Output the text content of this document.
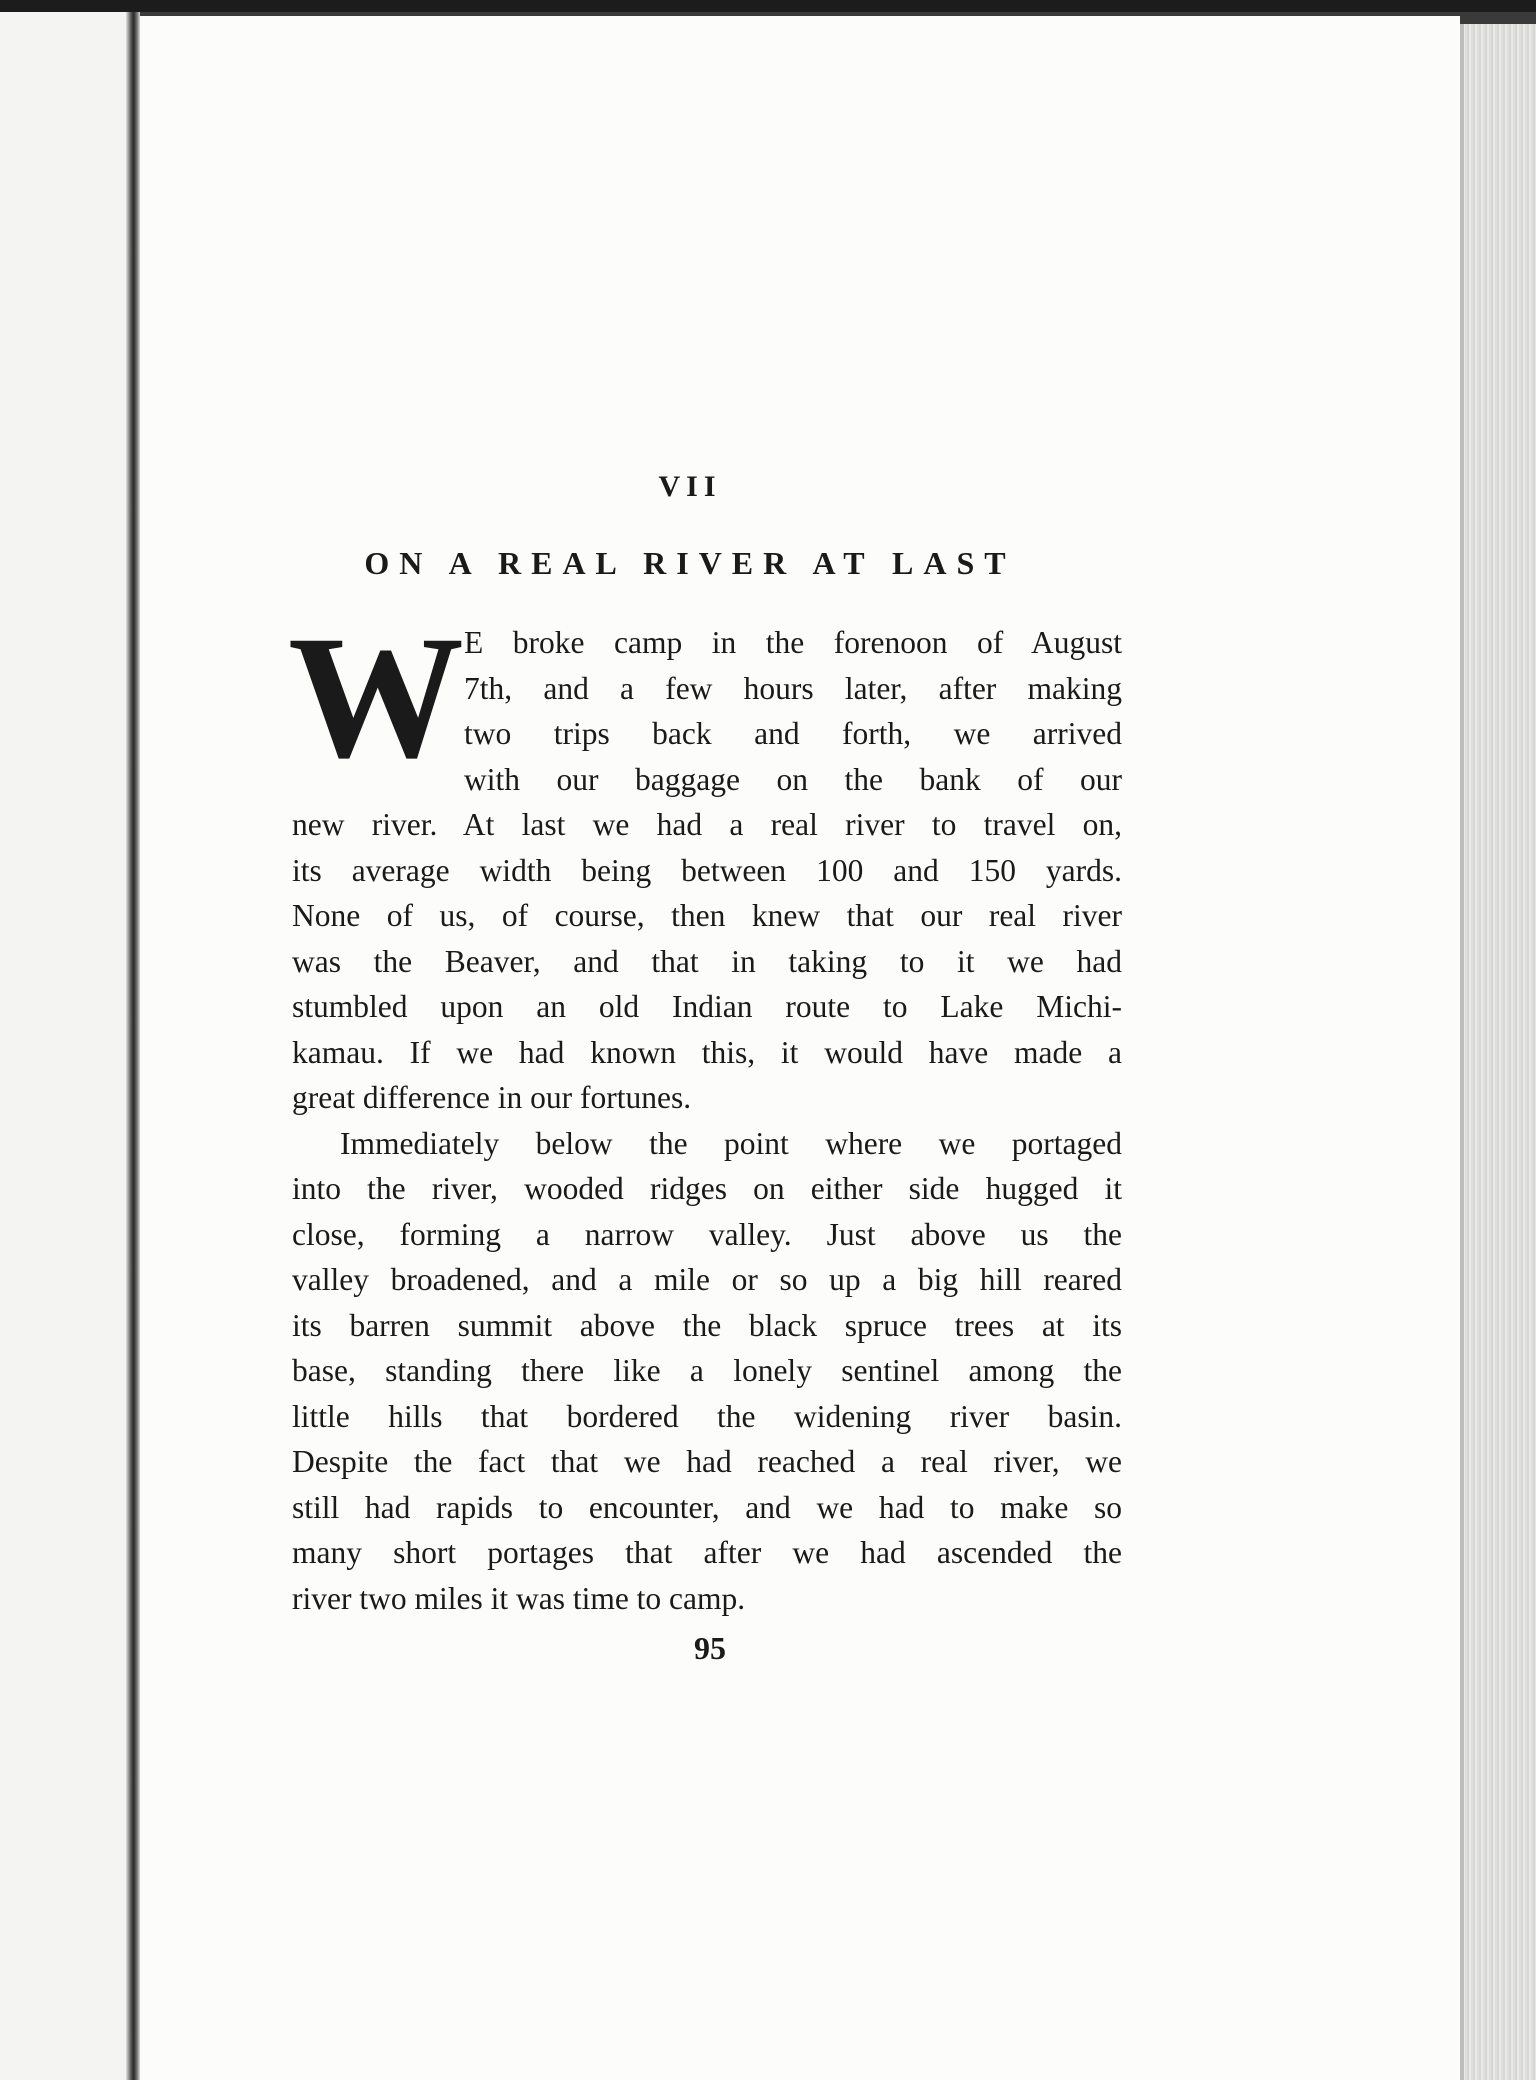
VII
ON A REAL RIVER AT LAST
W E broke camp in the forenoon of August
7th, and a few hours later, after making
two trips back and forth, we arrived
with our baggage on the bank of our
new river. At last we had a real river to travel on,
its average width being between 100 and 150 yards.
None of us, of course, then knew that our real river
was the Beaver, and that in taking to it we had
stumbled upon an old Indian route to Lake Michi-
kamau. If we had known this, it would have made a
great difference in our fortunes.
Immediately below the point where we portaged
into the river, wooded ridges on either side hugged it
close, forming a narrow valley. Just above us the
valley broadened, and a mile or so up a big hill reared
its barren summit above the black spruce trees at its
base, standing there like a lonely sentinel among the
little hills that bordered the widening river basin.
Despite the fact that we had reached a real river, we
still had rapids to encounter, and we had to make so
many short portages that after we had ascended the
river two miles it was time to camp.
95
